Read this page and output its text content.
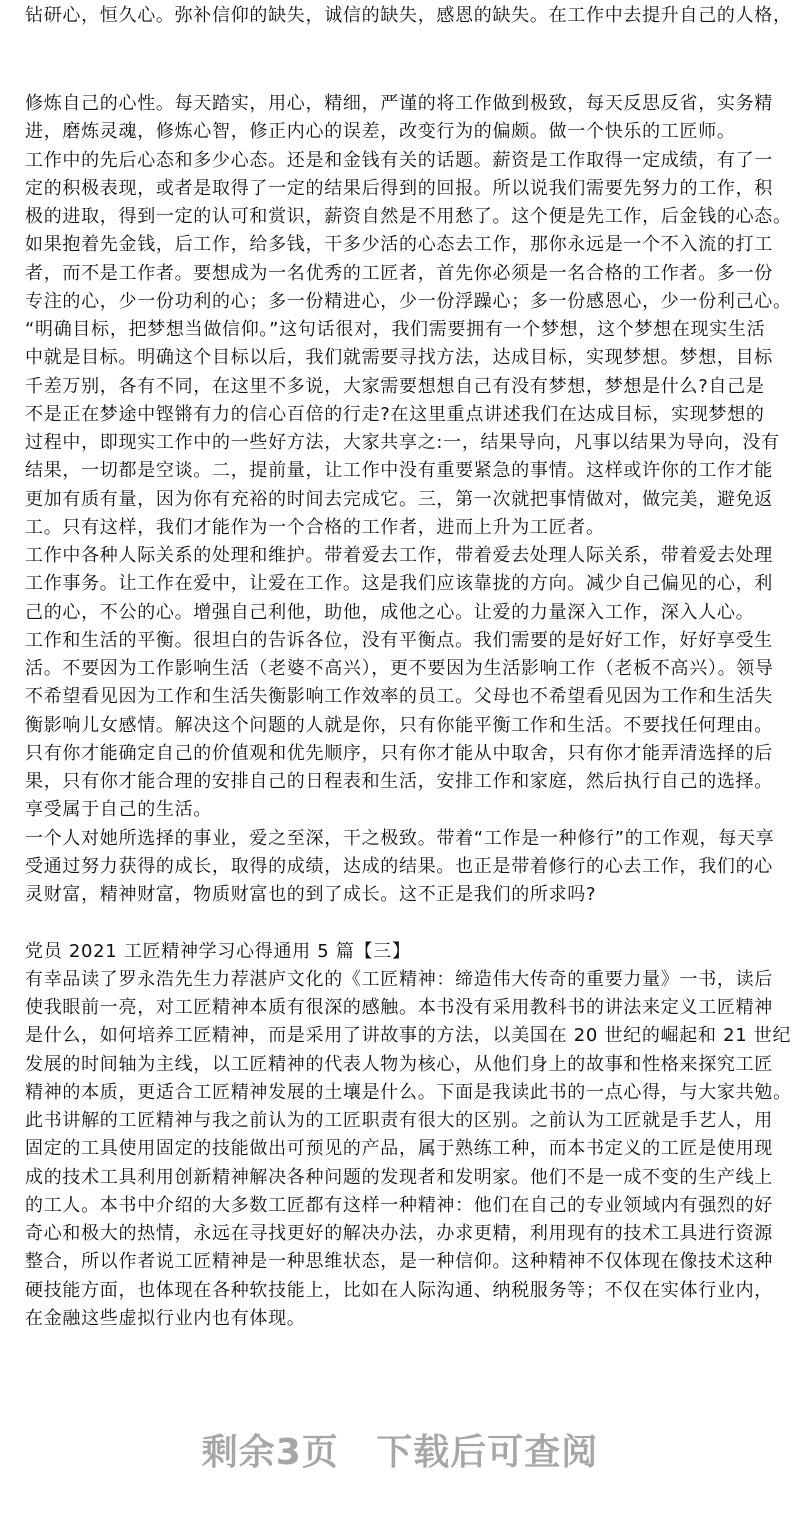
钻研心，恒久心。弥补信仰的缺失，诚信的缺失，感恩的缺失。在工作中去提升自己的人格，
修炼自己的心性。每天踏实，用心，精细，严谨的将工作做到极致，每天反思反省，实务精
进，磨炼灵魂，修炼心智，修正内心的误差，改变行为的偏颇。做一个快乐的工匠师。
工作中的先后心态和多少心态。还是和金钱有关的话题。薪资是工作取得一定成绩，有了一
定的积极表现，或者是取得了一定的结果后得到的回报。所以说我们需要先努力的工作，积
极的进取，得到一定的认可和赏识，薪资自然是不用愁了。这个便是先工作，后金钱的心态。
如果抱着先金钱，后工作，给多钱，干多少活的心态去工作，那你永远是一个不入流的打工
者，而不是工作者。要想成为一名优秀的工匠者，首先你必须是一名合格的工作者。多一份
专注的心，少一份功利的心；多一份精进心，少一份浮躁心；多一份感恩心，少一份利己心。
“明确目标，把梦想当做信仰。”这句话很对，我们需要拥有一个梦想，这个梦想在现实生活
中就是目标。明确这个目标以后，我们就需要寻找方法，达成目标，实现梦想。梦想，目标
千差万别，各有不同，在这里不多说，大家需要想想自己有没有梦想，梦想是什么?自己是
不是正在梦途中铿锵有力的信心百倍的行走?在这里重点讲述我们在达成目标，实现梦想的
过程中，即现实工作中的一些好方法，大家共享之:一，结果导向，凡事以结果为导向，没有
结果，一切都是空谈。二，提前量，让工作中没有重要紧急的事情。这样或许你的工作才能
更加有质有量，因为你有充裕的时间去完成它。三，第一次就把事情做对，做完美，避免返
工。只有这样，我们才能作为一个合格的工作者，进而上升为工匠者。
工作中各种人际关系的处理和维护。带着爱去工作，带着爱去处理人际关系，带着爱去处理
工作事务。让工作在爱中，让爱在工作。这是我们应该靠拢的方向。减少自己偏见的心，利
己的心，不公的心。增强自己利他，助他，成他之心。让爱的力量深入工作，深入人心。
工作和生活的平衡。很坦白的告诉各位，没有平衡点。我们需要的是好好工作，好好享受生
活。不要因为工作影响生活（老婆不高兴），更不要因为生活影响工作（老板不高兴）。领导
不希望看见因为工作和生活失衡影响工作效率的员工。父母也不希望看见因为工作和生活失
衡影响儿女感情。解决这个问题的人就是你，只有你能平衡工作和生活。不要找任何理由。
只有你才能确定自己的价值观和优先顺序，只有你才能从中取舍，只有你才能弄清选择的后
果，只有你才能合理的安排自己的日程表和生活，安排工作和家庭，然后执行自己的选择。
享受属于自己的生活。
一个人对她所选择的事业，爱之至深，干之极致。带着“工作是一种修行”的工作观，每天享
受通过努力获得的成长，取得的成绩，达成的结果。也正是带着修行的心去工作，我们的心
灵财富，精神财富，物质财富也的到了成长。这不正是我们的所求吗?
党员 2021 工匠精神学习心得通用 5 篇【三】
有幸品读了罗永浩先生力荐湛庐文化的《工匠精神：缔造伟大传奇的重要力量》一书，读后
使我眼前一亮，对工匠精神本质有很深的感触。本书没有采用教科书的讲法来定义工匠精神
是什么，如何培养工匠精神，而是采用了讲故事的方法，以美国在 20 世纪的崛起和 21 世纪
发展的时间轴为主线，以工匠精神的代表人物为核心，从他们身上的故事和性格来探究工匠
精神的本质，更适合工匠精神发展的土壤是什么。下面是我读此书的一点心得，与大家共勉。
此书讲解的工匠精神与我之前认为的工匠职责有很大的区别。之前认为工匠就是手艺人，用
固定的工具使用固定的技能做出可预见的产品，属于熟练工种，而本书定义的工匠是使用现
成的技术工具利用创新精神解决各种问题的发现者和发明家。他们不是一成不变的生产线上
的工人。本书中介绍的大多数工匠都有这样一种精神：他们在自己的专业领域内有强烈的好
奇心和极大的热情，永远在寻找更好的解决办法，办求更精，利用现有的技术工具进行资源
整合，所以作者说工匠精神是一种思维状态，是一种信仰。这种精神不仅体现在像技术这种
硬技能方面，也体现在各种软技能上，比如在人际沟通、纳税服务等；不仅在实体行业内，
在金融这些虚拟行业内也有体现。
剩余3页 下载后可查阅
